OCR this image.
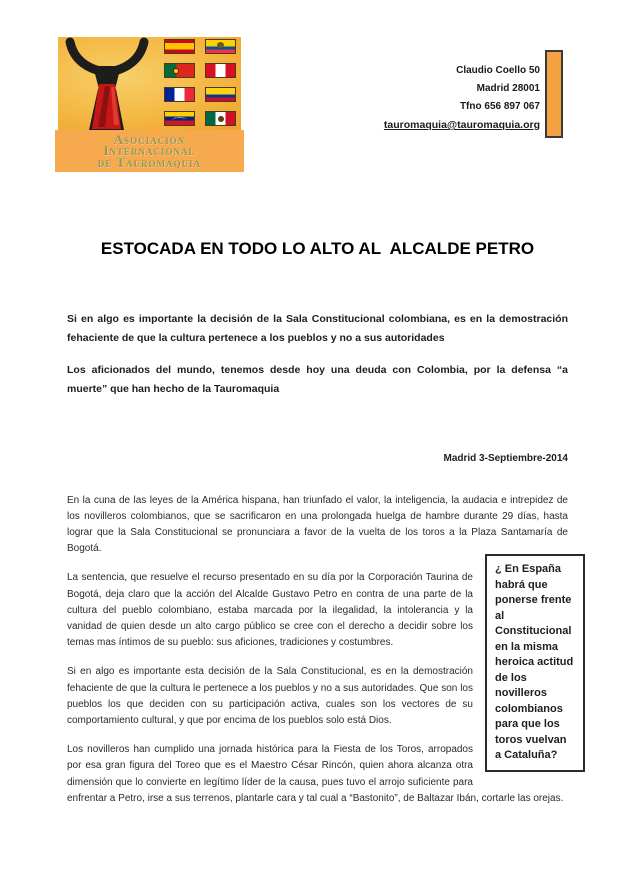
Asociación
Internacional
de Tauromaquia
Claudio Coello 50
Madrid 28001
Tfno 656 897 067
tauromaquia@tauromaquia.org
ESTOCADA EN TODO LO ALTO AL  ALCALDE PETRO

Si en algo es importante la decisión de la Sala Constitucional colombiana, es en la demostración fehaciente de que la cultura pertenece a los pueblos y no a sus autoridades

Los aficionados del mundo, tenemos desde hoy una deuda con Colombia, por la defensa “a muerte” que han hecho de la Tauromaquia

Madrid 3-Septiembre-2014

En la cuna de las leyes de la América hispana, han triunfado el valor, la inteligencia, la audacia e intrepidez de los novilleros colombianos, que se sacrificaron en una prolongada huelga de hambre durante 29 días, hasta lograr que la Sala Constitucional se pronunciara a favor de la vuelta de los toros a la Plaza Santamaría de Bogotá.

¿ En España habrá que ponerse frente al Constitucional en la misma heroica actitud de los novilleros colombianos para que los toros vuelvan a Cataluña?

La sentencia, que resuelve el recurso presentado en su día por la Corporación Taurina de Bogotá, deja claro que la acción del Alcalde Gustavo Petro en contra de una parte de la cultura del pueblo colombiano, estaba marcada por la ilegalidad, la intolerancia y la vanidad de quien desde un alto cargo público se cree con el derecho a decidir sobre los temas mas íntimos de su pueblo: sus aficiones, tradiciones y costumbres.

Si en algo es importante esta decisión de la Sala Constitucional, es en la demostración fehaciente de que la cultura le pertenece a los pueblos y no a sus autoridades. Que son los pueblos los que deciden con su participación activa, cuales son los vectores de su comportamiento cultural, y que por encima de los pueblos solo está Dios.

Los novilleros han cumplido una jornada histórica para la Fiesta de los Toros, arropados por esa gran figura del Toreo que es el Maestro César Rincón, quien ahora alcanza otra dimensión que lo convierte en legítimo líder de la causa, pues tuvo el arrojo suficiente para enfrentar a Petro, irse a sus terrenos, plantarle cara y tal cual a “Bastonito”, de Baltazar Ibán, cortarle las orejas.
